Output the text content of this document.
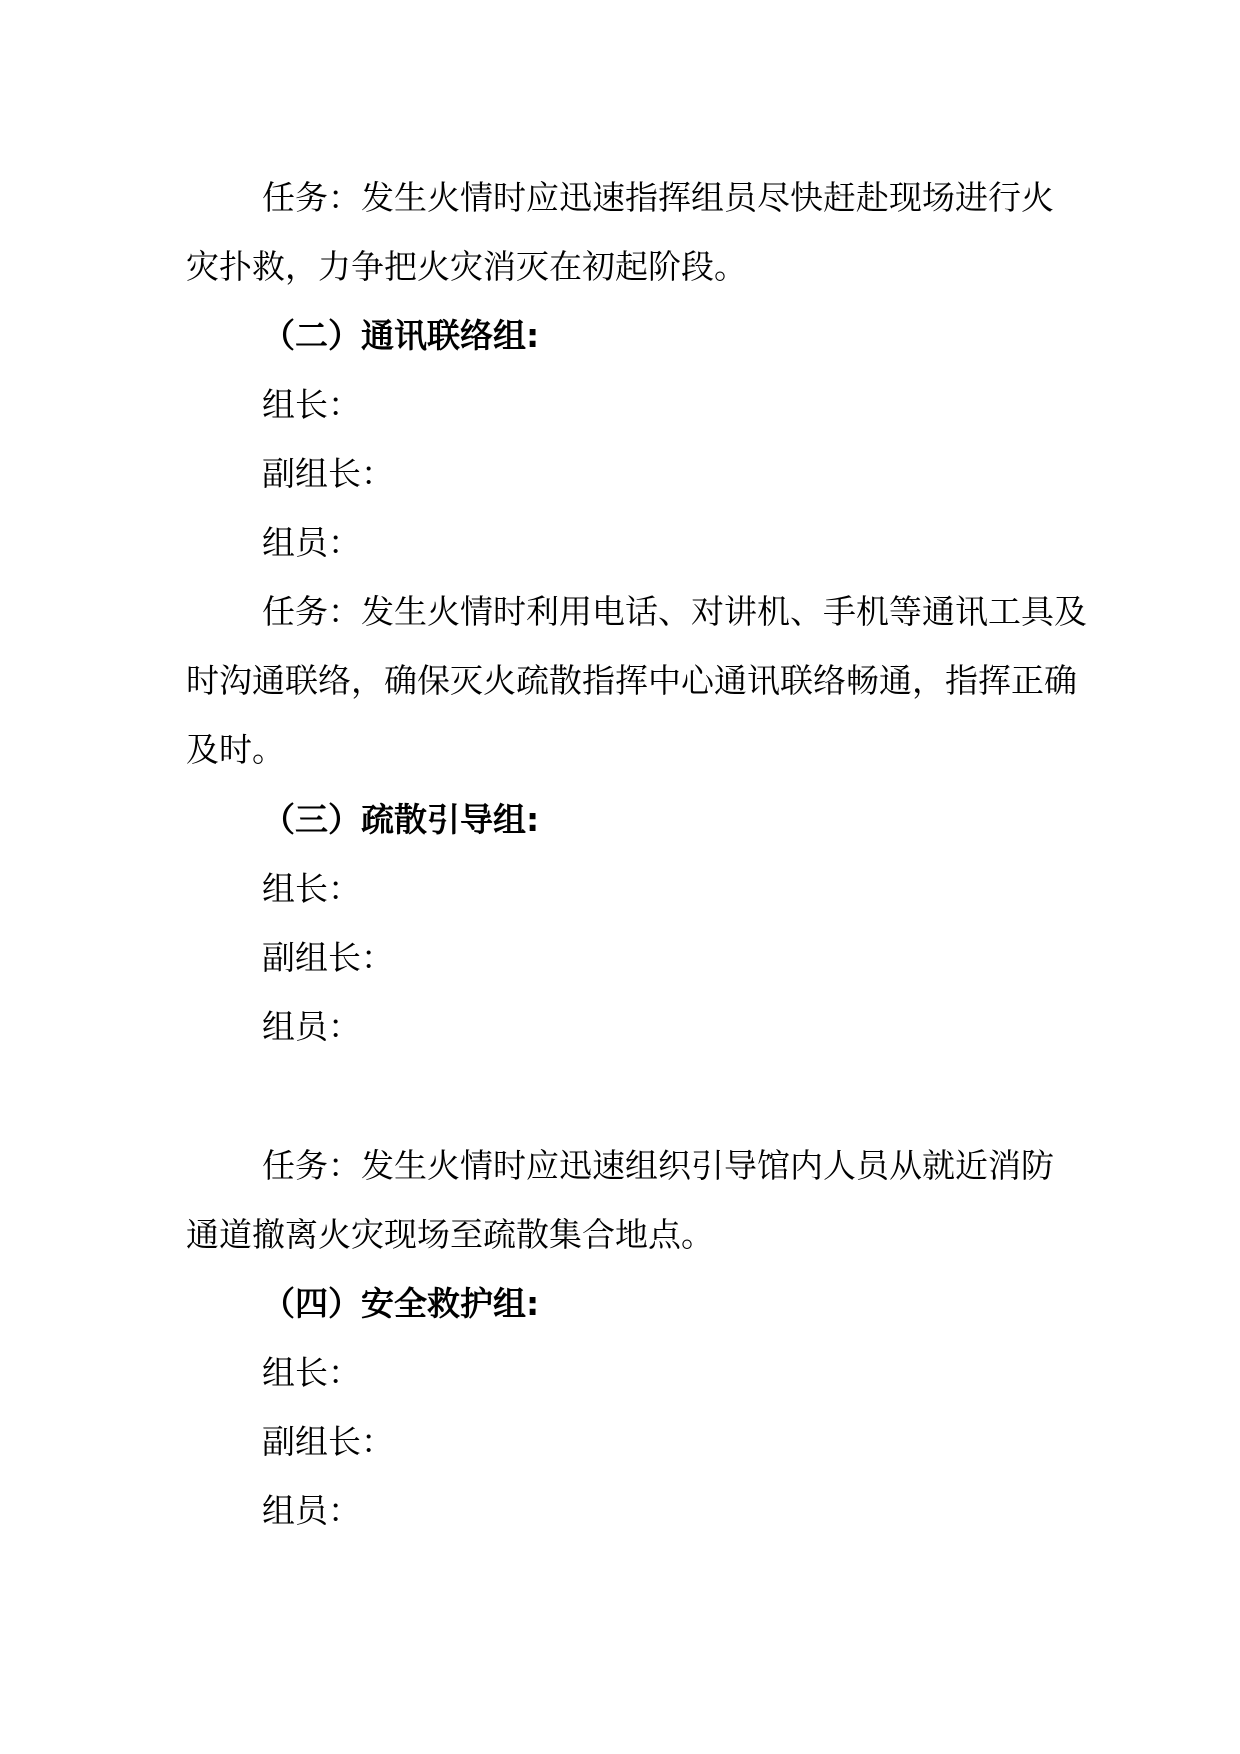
任务：发生火情时应迅速指挥组员尽快赶赴现场进行火
灾扑救，力争把火灾消灭在初起阶段。
（二）通讯联络组:
组长：
副组长：
组员：
任务：发生火情时利用电话、对讲机、手机等通讯工具及
时沟通联络，确保灭火疏散指挥中心通讯联络畅通，指挥正确
及时。
（三）疏散引导组:
组长：
副组长：
组员：
任务：发生火情时应迅速组织引导馆内人员从就近消防
通道撤离火灾现场至疏散集合地点。
（四）安全救护组:
组长：
副组长：
组员：
